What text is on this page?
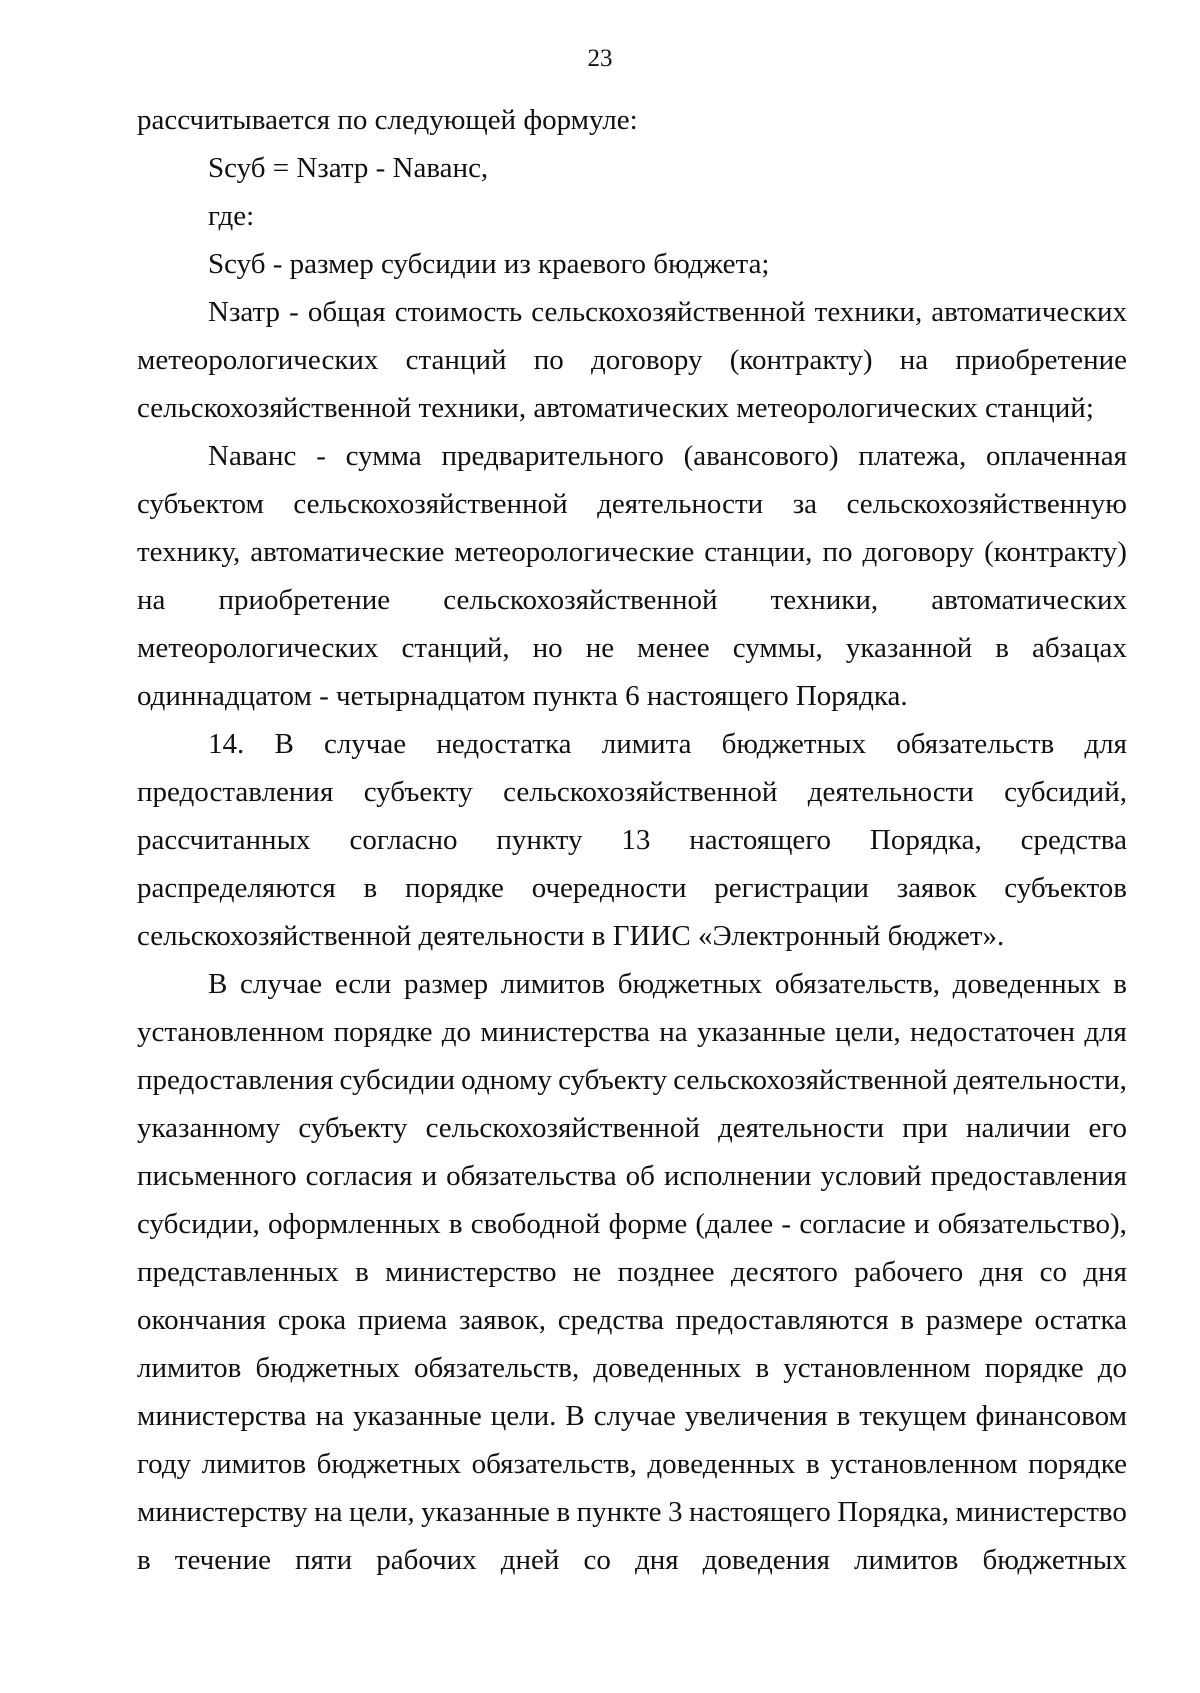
23
рассчитывается по следующей формуле:
Sсуб = Nзатр - Nаванс,
где:
Sсуб - размер субсидии из краевого бюджета;
Nзатр - общая стоимость сельскохозяйственной техники, автоматических
метеорологических станций по договору (контракту) на приобретение
сельскохозяйственной техники, автоматических метеорологических станций;
Nаванс - сумма предварительного (авансового) платежа, оплаченная
субъектом сельскохозяйственной деятельности за сельскохозяйственную
технику, автоматические метеорологические станции, по договору (контракту)
на приобретение сельскохозяйственной техники, автоматических
метеорологических станций, но не менее суммы, указанной в абзацах
одиннадцатом - четырнадцатом пункта 6 настоящего Порядка.
14. В случае недостатка лимита бюджетных обязательств для
предоставления субъекту сельскохозяйственной деятельности субсидий,
рассчитанных согласно пункту 13 настоящего Порядка, средства
распределяются в порядке очередности регистрации заявок субъектов
сельскохозяйственной деятельности в ГИИС «Электронный бюджет».
В случае если размер лимитов бюджетных обязательств, доведенных в
установленном порядке до министерства на указанные цели, недостаточен для
предоставления субсидии одному субъекту сельскохозяйственной деятельности,
указанному субъекту сельскохозяйственной деятельности при наличии его
письменного согласия и обязательства об исполнении условий предоставления
субсидии, оформленных в свободной форме (далее - согласие и обязательство),
представленных в министерство не позднее десятого рабочего дня со дня
окончания срока приема заявок, средства предоставляются в размере остатка
лимитов бюджетных обязательств, доведенных в установленном порядке до
министерства на указанные цели. В случае увеличения в текущем финансовом
году лимитов бюджетных обязательств, доведенных в установленном порядке
министерству на цели, указанные в пункте 3 настоящего Порядка, министерство
в течение пяти рабочих дней со дня доведения лимитов бюджетных
